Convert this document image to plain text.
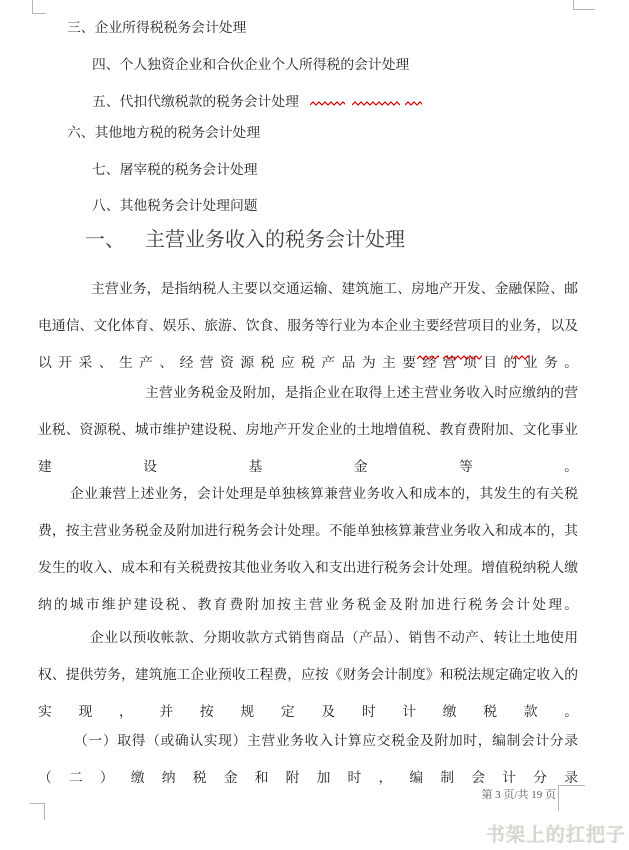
三、企业所得税税务会计处理
四、个人独资企业和合伙企业个人所得税的会计处理
五、代扣代缴税款的税务会计处理
六、其他地方税的税务会计处理
七、屠宰税的税务会计处理
八、其他税务会计处理问题
一、 主营业务收入的税务会计处理
主营业务，是指纳税人主要以交通运输、建筑施工、房地产开发、金融保险、邮电通信、文化体育、娱乐、旅游、饮食、服务等行业为本企业主要经营项目的业务，以及以开采、生产、经营资源税应税产品为主要经营项目的业务。
主营业务税金及附加，是指企业在取得上述主营业务收入时应缴纳的营业税、资源税、城市维护建设税、房地产开发企业的土地增值税、教育费附加、文化事业建设基金等。
企业兼营上述业务，会计处理是单独核算兼营业务收入和成本的，其发生的有关税费，按主营业务税金及附加进行税务会计处理。不能单独核算兼营业务收入和成本的，其发生的收入、成本和有关税费按其他业务收入和支出进行税务会计处理。增值税纳税人缴纳的城市维护建设税、教育费附加按主营业务税金及附加进行税务会计处理。
企业以预收帐款、分期收款方式销售商品（产品）、销售不动产、转让土地使用权、提供劳务，建筑施工企业预收工程费，应按《财务会计制度》和税法规定确定收入的实现，并按规定及时计缴税款。
（一）取得（或确认实现）主营业务收入计算应交税金及附加时，编制会计分录　（二）缴纳税金和附加时，编制会计分录
第 3 页/共 19 页
书架上的扛把子
